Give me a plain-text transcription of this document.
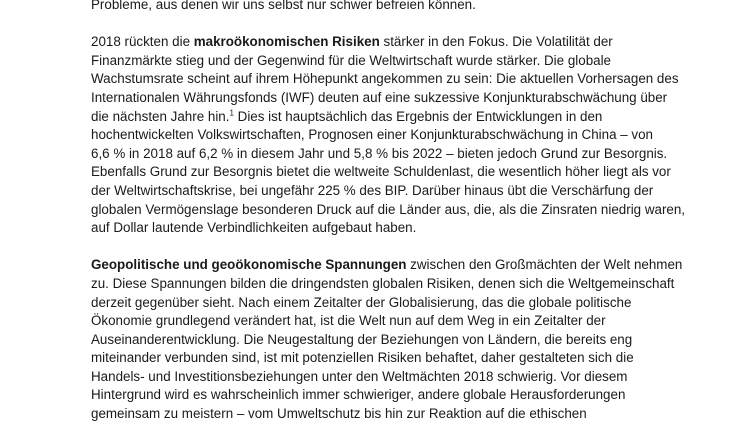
Probleme, aus denen wir uns selbst nur schwer befreien können.

2018 rückten die makroökonomischen Risiken stärker in den Fokus. Die Volatilität der
Finanzmärkte stieg und der Gegenwind für die Weltwirtschaft wurde stärker. Die globale
Wachstumsrate scheint auf ihrem Höhepunkt angekommen zu sein: Die aktuellen Vorhersagen des
Internationalen Währungsfonds (IWF) deuten auf eine sukzessive Konjunkturabschwächung über
die nächsten Jahre hin.$^1$ Dies ist hauptsächlich das Ergebnis der Entwicklungen in den
hochentwickelten Volkswirtschaften, Prognosen einer Konjunkturabschwächung in China – von
6,6 % in 2018 auf 6,2 % in diesem Jahr und 5,8 % bis 2022 – bieten jedoch Grund zur Besorgnis.
Ebenfalls Grund zur Besorgnis bietet die weltweite Schuldenlast, die wesentlich höher liegt als vor
der Weltwirtschaftskrise, bei ungefähr 225 % des BIP. Darüber hinaus übt die Verschärfung der
globalen Vermögenslage besonderen Druck auf die Länder aus, die, als die Zinsraten niedrig waren,
auf Dollar lautende Verbindlichkeiten aufgebaut haben.

Geopolitische und geoökonomische Spannungen zwischen den Großmächten der Welt nehmen
zu. Diese Spannungen bilden die dringendsten globalen Risiken, denen sich die Weltgemeinschaft
derzeit gegenüber sieht. Nach einem Zeitalter der Globalisierung, das die globale politische
Ökonomie grundlegend verändert hat, ist die Welt nun auf dem Weg in ein Zeitalter der
Auseinanderentwicklung. Die Neugestaltung der Beziehungen von Ländern, die bereits eng
miteinander verbunden sind, ist mit potenziellen Risiken behaftet, daher gestalteten sich die
Handels- und Investitionsbeziehungen unter den Weltmächten 2018 schwierig. Vor diesem
Hintergrund wird es wahrscheinlich immer schwieriger, andere globale Herausforderungen
gemeinsam zu meistern – vom Umweltschutz bis hin zur Reaktion auf die ethischen
